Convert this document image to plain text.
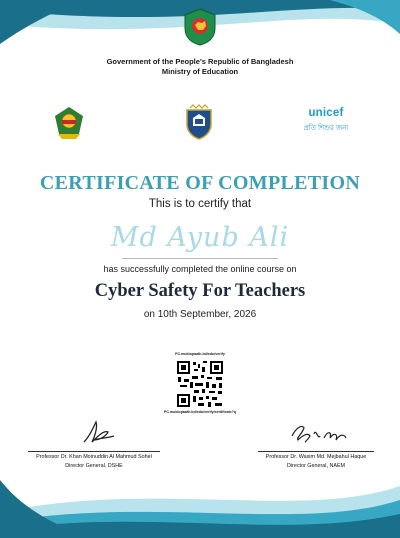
Government of the People's Republic of Bangladesh
Ministry of Education
unicef
প্রতি শিশুর জন্য
CERTIFICATE OF COMPLETION
This is to certify that
Md Ayub Ali
has successfully completed the online course on
Cyber Safety For Teachers
on 10th September, 2026
PC.muktopaath.bd/edu/verify
PC.muktopaath.bd/edu/verify/certificate?q
Professor Dr. Khan Moinuddin Al Mahmud Sohel
Director General, DSHE
Professor Dr. Wasim Md. Mejbahul Haque
Director General, NAEM
